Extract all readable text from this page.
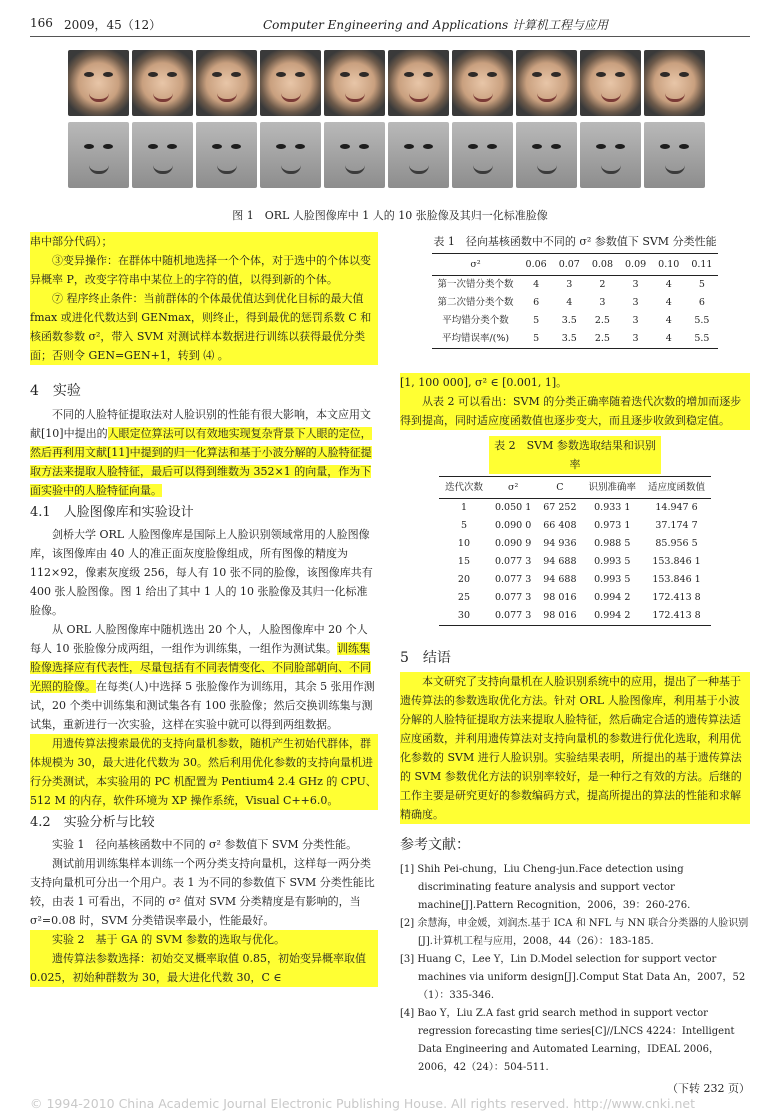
166 2009，45（12）	Computer Engineering and Applications 计算机工程与应用
图 1　ORL 人脸图像库中 1 人的 10 张脸像及其归一化标准脸像

串中部分代码）；

③变异操作：在群体中随机地选择一个个体，对于选中的个体以变异概率 P，改变字符串中某位上的字符的值，以得到新的个体。

⑦ 程序终止条件：当前群体的个体最优值达到优化目标的最大值 fmax 或进化代数达到 GENmax，则终止，得到最优的惩罚系数 C 和核函数参数 σ²，带入 SVM 对测试样本数据进行训练以获得最优分类面；否则令 GEN=GEN+1，转到 ⑷ 。

4　实验

不同的人脸特征提取法对人脸识别的性能有很大影响，本文应用文献[10]中提出的人眼定位算法可以有效地实现复杂背景下人眼的定位，然后再利用文献[11]中提到的归一化算法和基于小波分解的人脸特征提取方法来提取人脸特征，最后可以得到维数为 352×1 的向量，作为下面实验中的人脸特征向量。

4.1　人脸图像库和实验设计

剑桥大学 ORL 人脸图像库是国际上人脸识别领域常用的人脸图像库，该图像库由 40 人的准正面灰度脸像组成，所有图像的精度为 112×92，像素灰度级 256，每人有 10 张不同的脸像，该图像库共有 400 张人脸图像。图 1 给出了其中 1 人的 10 张脸像及其归一化标准脸像。

从 ORL 人脸图像库中随机选出 20 个人，人脸图像库中 20 个人每人 10 张脸像分成两组，一组作为训练集，一组作为测试集。训练集脸像选择应有代表性，尽量包括有不同表情变化、不同脸部朝向、不同光照的脸像。在每类(人)中选择 5 张脸像作为训练用，其余 5 张用作测试，20 个类中训练集和测试集各有 100 张脸像；然后交换训练集与测试集，重新进行一次实验，这样在实验中就可以得到两组数据。

用遗传算法搜索最优的支持向量机参数，随机产生初始代群体，群体规模为 30，最大进化代数为 30。然后利用优化参数的支持向量机进行分类测试，本实验用的 PC 机配置为 Pentium4 2.4 GHz 的 CPU、512 M 的内存，软件环境为 XP 操作系统，Visual C++6.0。

4.2　实验分析与比较

实验 1　径向基核函数中不同的 σ² 参数值下 SVM 分类性能。

测试前用训练集样本训练一个两分类支持向量机，这样每一两分类支持向量机可分出一个用户。表 1 为不同的参数值下 SVM 分类性能比较，由表 1 可看出，不同的 σ² 值对 SVM 分类精度是有影响的，当 σ²=0.08 时，SVM 分类错误率最小，性能最好。

实验 2　基于 GA 的 SVM 参数的选取与优化。

遗传算法参数选择：初始交叉概率取值 0.85，初始变异概率取值 0.025，初始种群数为 30，最大进化代数 30，C ∈

表 1　径向基核函数中不同的 σ² 参数值下 SVM 分类性能
σ²	0.06	0.07	0.08	0.09	0.10	0.11
第一次错分类个数	4	3	2	3	4	5
第二次错分类个数	6	4	3	3	4	6
平均错分类个数	5	3.5	2.5	3	4	5.5
平均错误率/(%)	5	3.5	2.5	3	4	5.5

[1, 100 000], σ² ∈ [0.001, 1]。

从表 2 可以看出：SVM 的分类正确率随着迭代次数的增加而逐步得到提高，同时适应度函数值也逐步变大，而且逐步收敛到稳定值。

表 2　SVM 参数选取结果和识别率
迭代次数	σ²	C	识别准确率	适应度函数值
1	0.050 1	67 252	0.933 1	14.947 6
5	0.090 0	66 408	0.973 1	37.174 7
10	0.090 9	94 936	0.988 5	85.956 5
15	0.077 3	94 688	0.993 5	153.846 1
20	0.077 3	94 688	0.993 5	153.846 1
25	0.077 3	98 016	0.994 2	172.413 8
30	0.077 3	98 016	0.994 2	172.413 8
5　结语

本文研究了支持向量机在人脸识别系统中的应用，提出了一种基于遗传算法的参数选取优化方法。针对 ORL 人脸图像库，利用基于小波分解的人脸特征提取方法来提取人脸特征，然后确定合适的遗传算法适应度函数，并利用遗传算法对支持向量机的参数进行优化选取，利用优化参数的 SVM 进行人脸识别。实验结果表明，所提出的基于遗传算法的 SVM 参数优化方法的识别率较好，是一种行之有效的方法。后继的工作主要是研究更好的参数编码方式，提高所提出的算法的性能和求解精确度。

参考文献：
[1] Shih Pei-chung，Liu Cheng-jun.Face detection using discriminating feature analysis and support vector machine[J].Pattern Recognition，2006，39：260-276.
[2] 余慧海，申金媛，刘润杰.基于 ICA 和 NFL 与 NN 联合分类器的人脸识别[J].计算机工程与应用，2008，44（26）：183-185.
[3] Huang C，Lee Y，Lin D.Model selection for support vector machines via uniform design[J].Comput Stat Data An，2007，52（1）：335-346.
[4] Bao Y，Liu Z.A fast grid search method in support vector regression forecasting time series[C]//LNCS 4224：Intelligent Data Engineering and Automated Learning，IDEAL 2006，2006，42（24）：504-511.
（下转 232 页）
© 1994-2010 China Academic Journal Electronic Publishing House. All rights reserved. http://www.cnki.net
